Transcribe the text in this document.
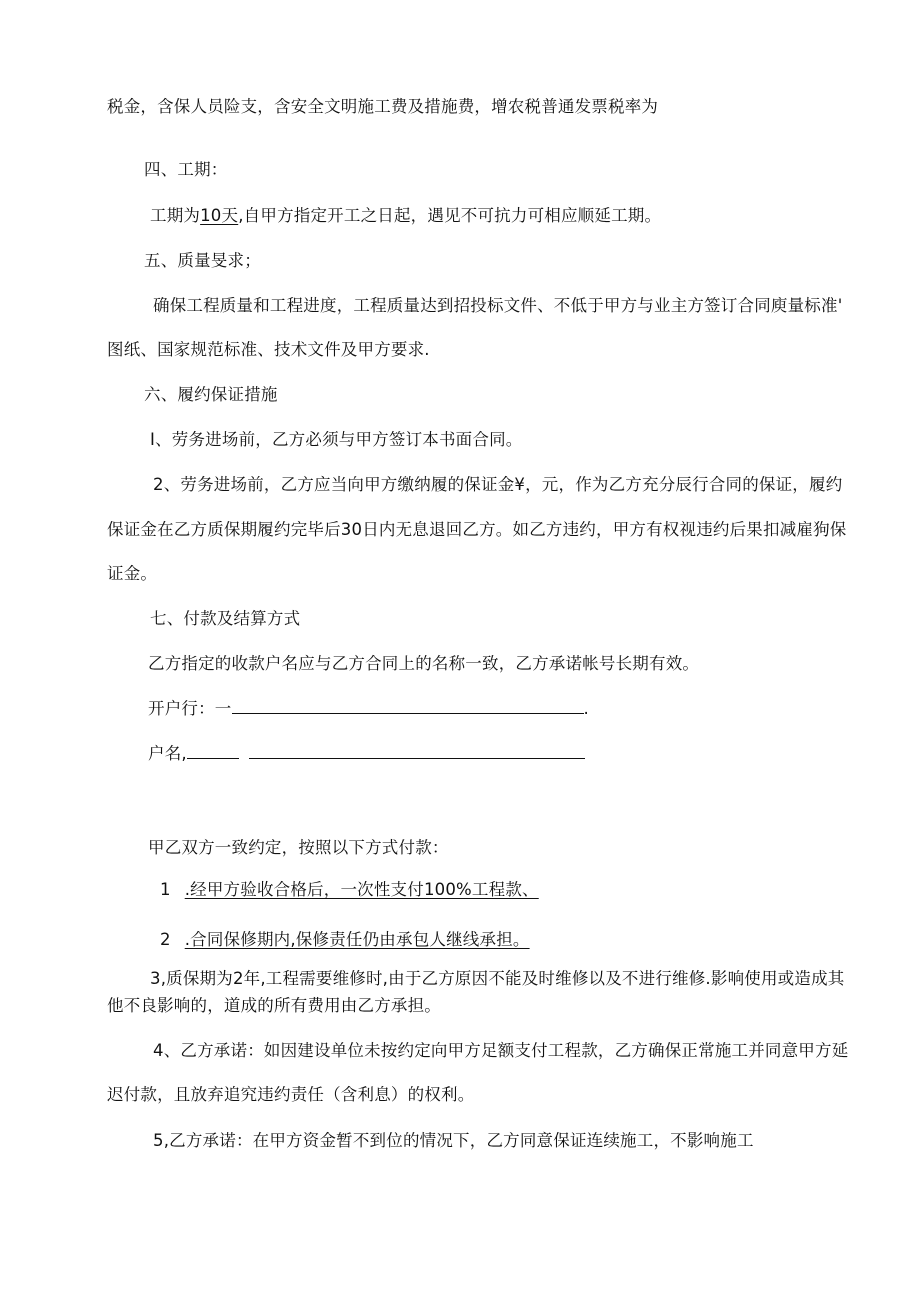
税金，含保人员险支，含安全文明施工费及措施费，增农税普通发票税率为
四、工期：
工期为10天,自甲方指定开工之日起，遇见不可抗力可相应顺延工期。
五、质量旻求；
确保工程质量和工程进度，工程质量达到招投标文件、不低于甲方与业主方签订合同庾量标准'
图纸、国家规范标准、技术文件及甲方要求.
六、履约保证措施
I、劳务进场前，乙方必须与甲方签订本书面合同。
2、劳务进场前，乙方应当向甲方缴纳履的保证金¥，元，作为乙方充分辰行合同的保证，履约
保证金在乙方质保期履约完毕后30日内无息退回乙方。如乙方违约，甲方有权视违约后果扣减雇狗保
证金。
七、付款及结算方式
乙方指定的收款户名应与乙方合同上的名称一致，乙方承诺帐号长期有效。
开户行：一	.
户名,
甲乙双方一致约定，按照以下方式付款：
1 .经甲方验收合格后，一次性支付100%工程款、
2 .合同保修期内,保修责任仍由承包人继线承担。
3,质保期为2年,工程需要维修时,由于乙方原因不能及时维修以及不进行维修.影响使用或造成其
他不良影响的，道成的所有费用由乙方承担。
4、乙方承诺：如因建设单位未按约定向甲方足额支付工程款，乙方确保正常施工并同意甲方延
迟付款，且放弃追究违约责任（含利息）的权利。
5,乙方承诺：在甲方资金暂不到位的情况下，乙方同意保证连续施工，不影响施工
